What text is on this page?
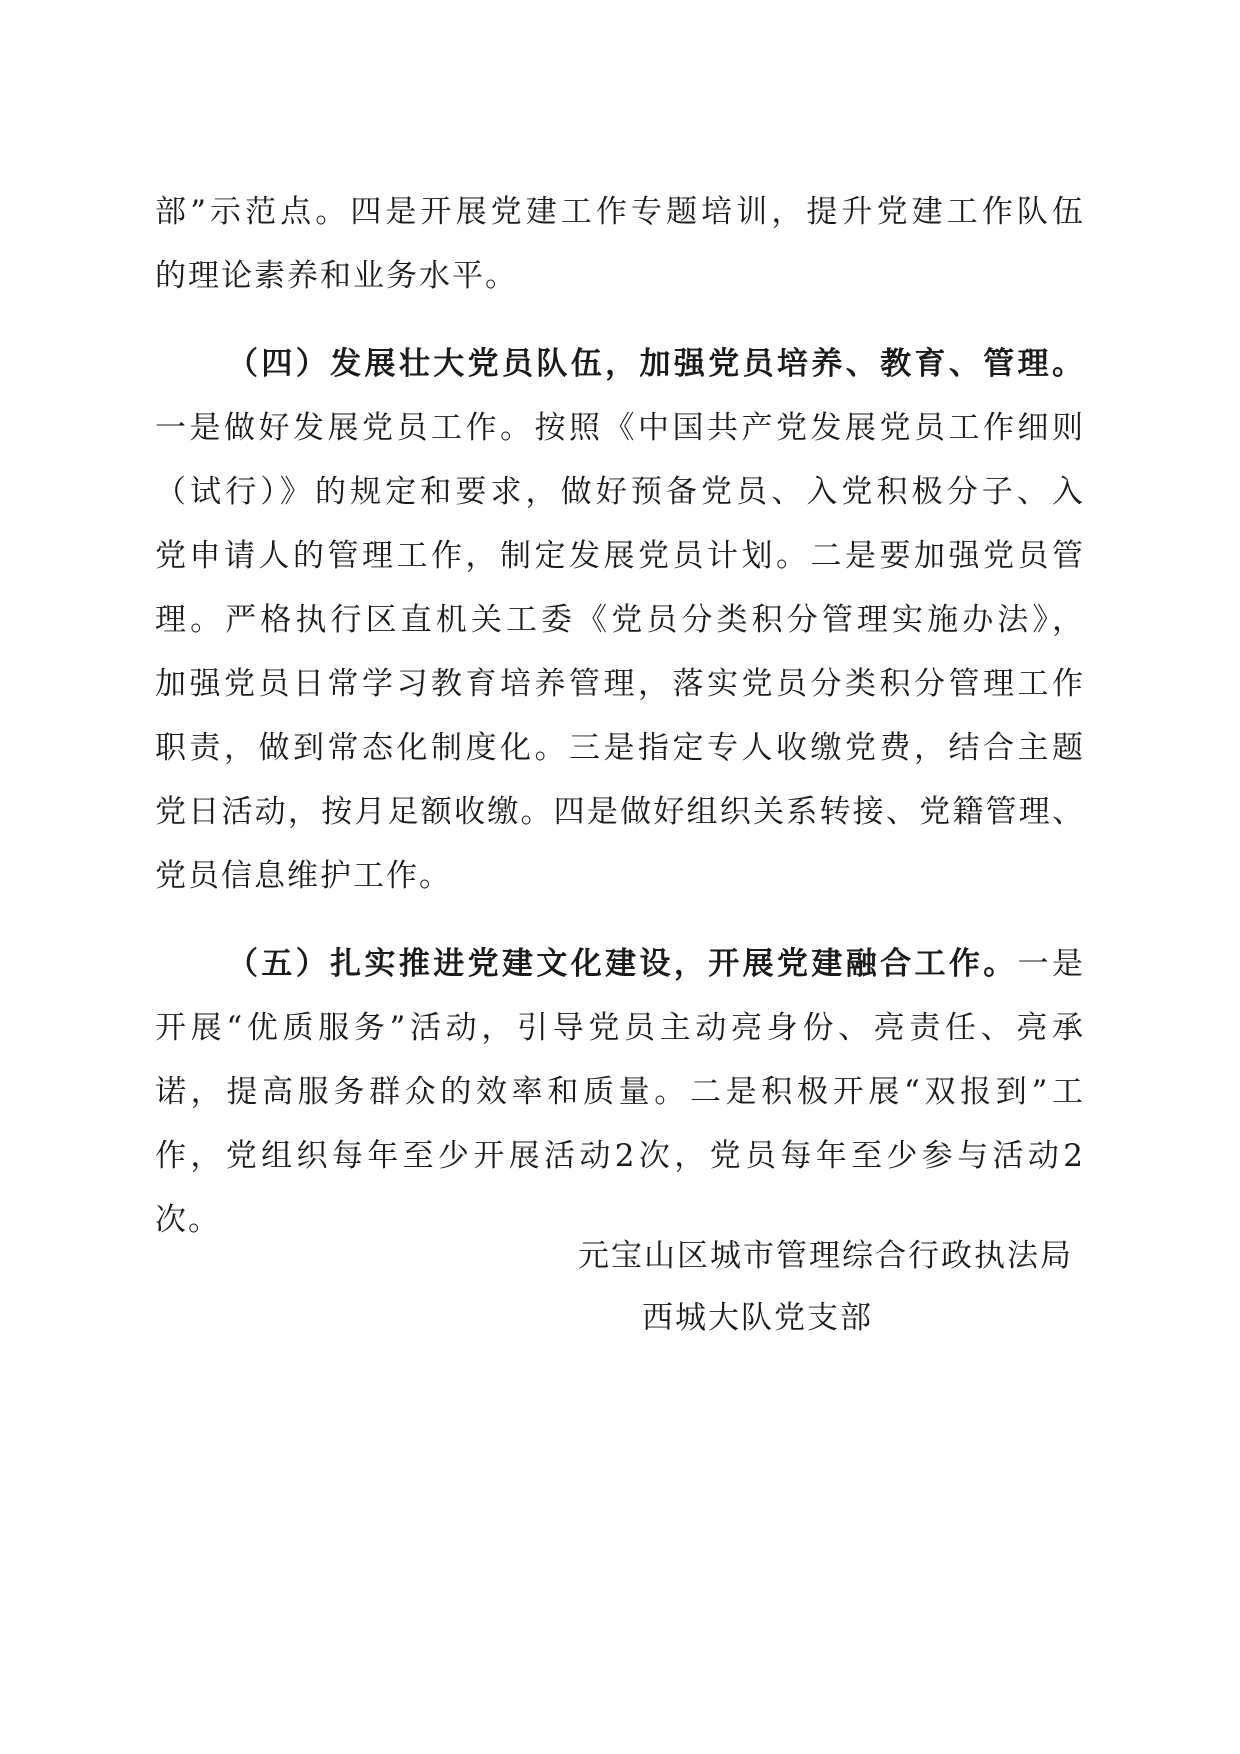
部”示范点。四是开展党建工作专题培训，提升党建工作队伍
的理论素养和业务水平。
（四）发展壮大党员队伍，加强党员培养、教育、管理。
一是做好发展党员工作。按照《中国共产党发展党员工作细则
（试行）》的规定和要求，做好预备党员、入党积极分子、入
党申请人的管理工作，制定发展党员计划。二是要加强党员管
理。严格执行区直机关工委《党员分类积分管理实施办法》，
加强党员日常学习教育培养管理，落实党员分类积分管理工作
职责，做到常态化制度化。三是指定专人收缴党费，结合主题
党日活动，按月足额收缴。四是做好组织关系转接、党籍管理、
党员信息维护工作。
（五）扎实推进党建文化建设，开展党建融合工作。一是
开展“优质服务”活动，引导党员主动亮身份、亮责任、亮承
诺，提高服务群众的效率和质量。二是积极开展“双报到”工
作，党组织每年至少开展活动2次，党员每年至少参与活动2
次。
元宝山区城市管理综合行政执法局
西城大队党支部
